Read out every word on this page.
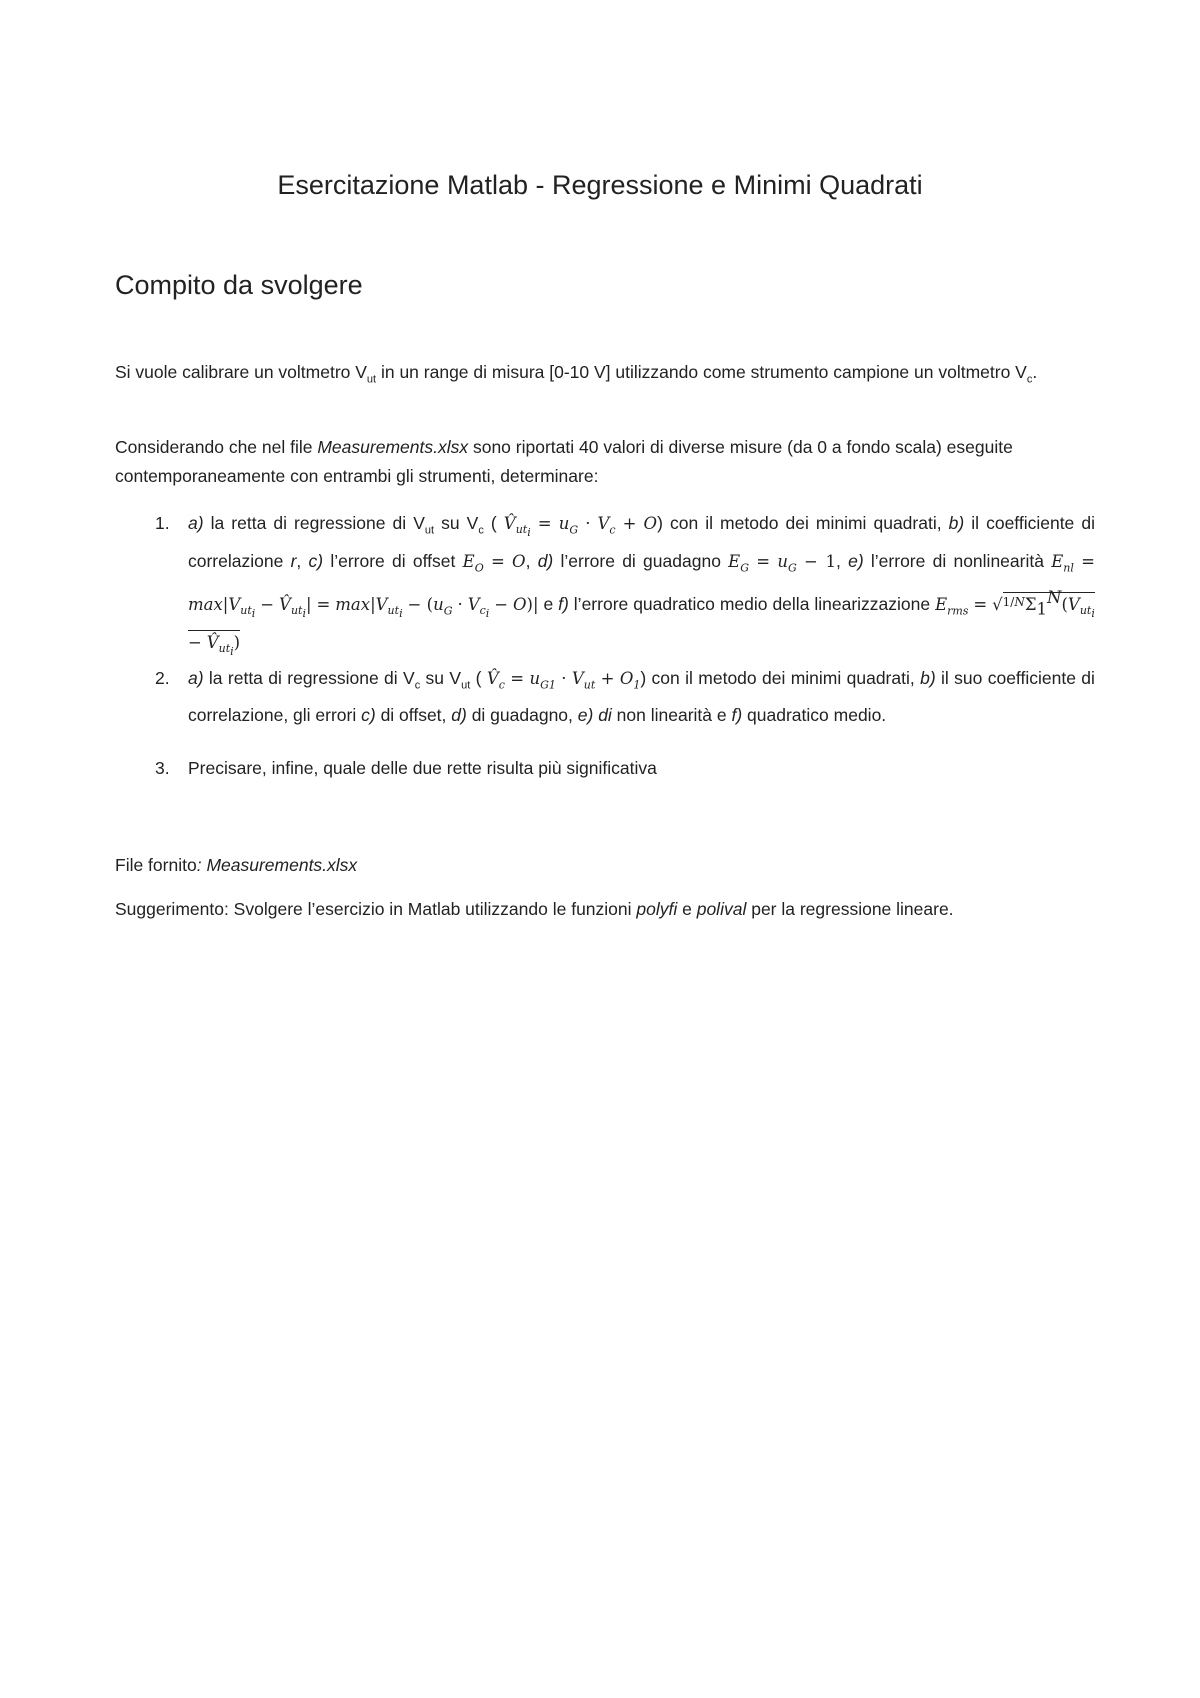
Esercitazione Matlab - Regressione e Minimi Quadrati
Compito da svolgere

Si vuole calibrare un voltmetro $V_{ut}$ in un range di misura [0-10 V] utilizzando come strumento campione un voltmetro $V_c$.

Considerando che nel file Measurements.xlsx sono riportati 40 valori di diverse misure (da 0 a fondo scala) eseguite contemporaneamente con entrambi gli strumenti, determinare:

1. a) la retta di regressione di $V_{ut}$ su $V_c$ ( $V̂_{ut_i} = u_G \cdot V_c + O$) con il metodo dei minimi quadrati, b) il coefficiente di correlazione r, c) l’errore di offset $E_O = O$, d) l’errore di guadagno $E_G = u_G - 1$, e) l’errore di nonlinearità $E_{nl} = \max|V_{ut_i}$ − $V̂_{ut_i}| = \max|V_{ut_i} - (u_G \cdot V_{c_i} - O)|$ e f) l’errore quadratico medio della linearizzazione $E_{rms} = √^{1/N}\Sigma_1^N(V_{ut_i}$ − $V̂_{ut_i}$)
2. a) la retta di regressione di $V_c$ su $V_{ut}$ ( $V̂_c = u_{G1} \cdot V_{ut} + O_1$) con il metodo dei minimi quadrati, b) il suo coefficiente di correlazione, gli errori c) di offset, d) di guadagno, e) di non linearità e f) quadratico medio.
3. Precisare, infine, quale delle due rette risulta più significativa

File fornito: Measurements.xlsx

Suggerimento: Svolgere l’esercizio in Matlab utilizzando le funzioni polyfi e polival per la regressione lineare.
